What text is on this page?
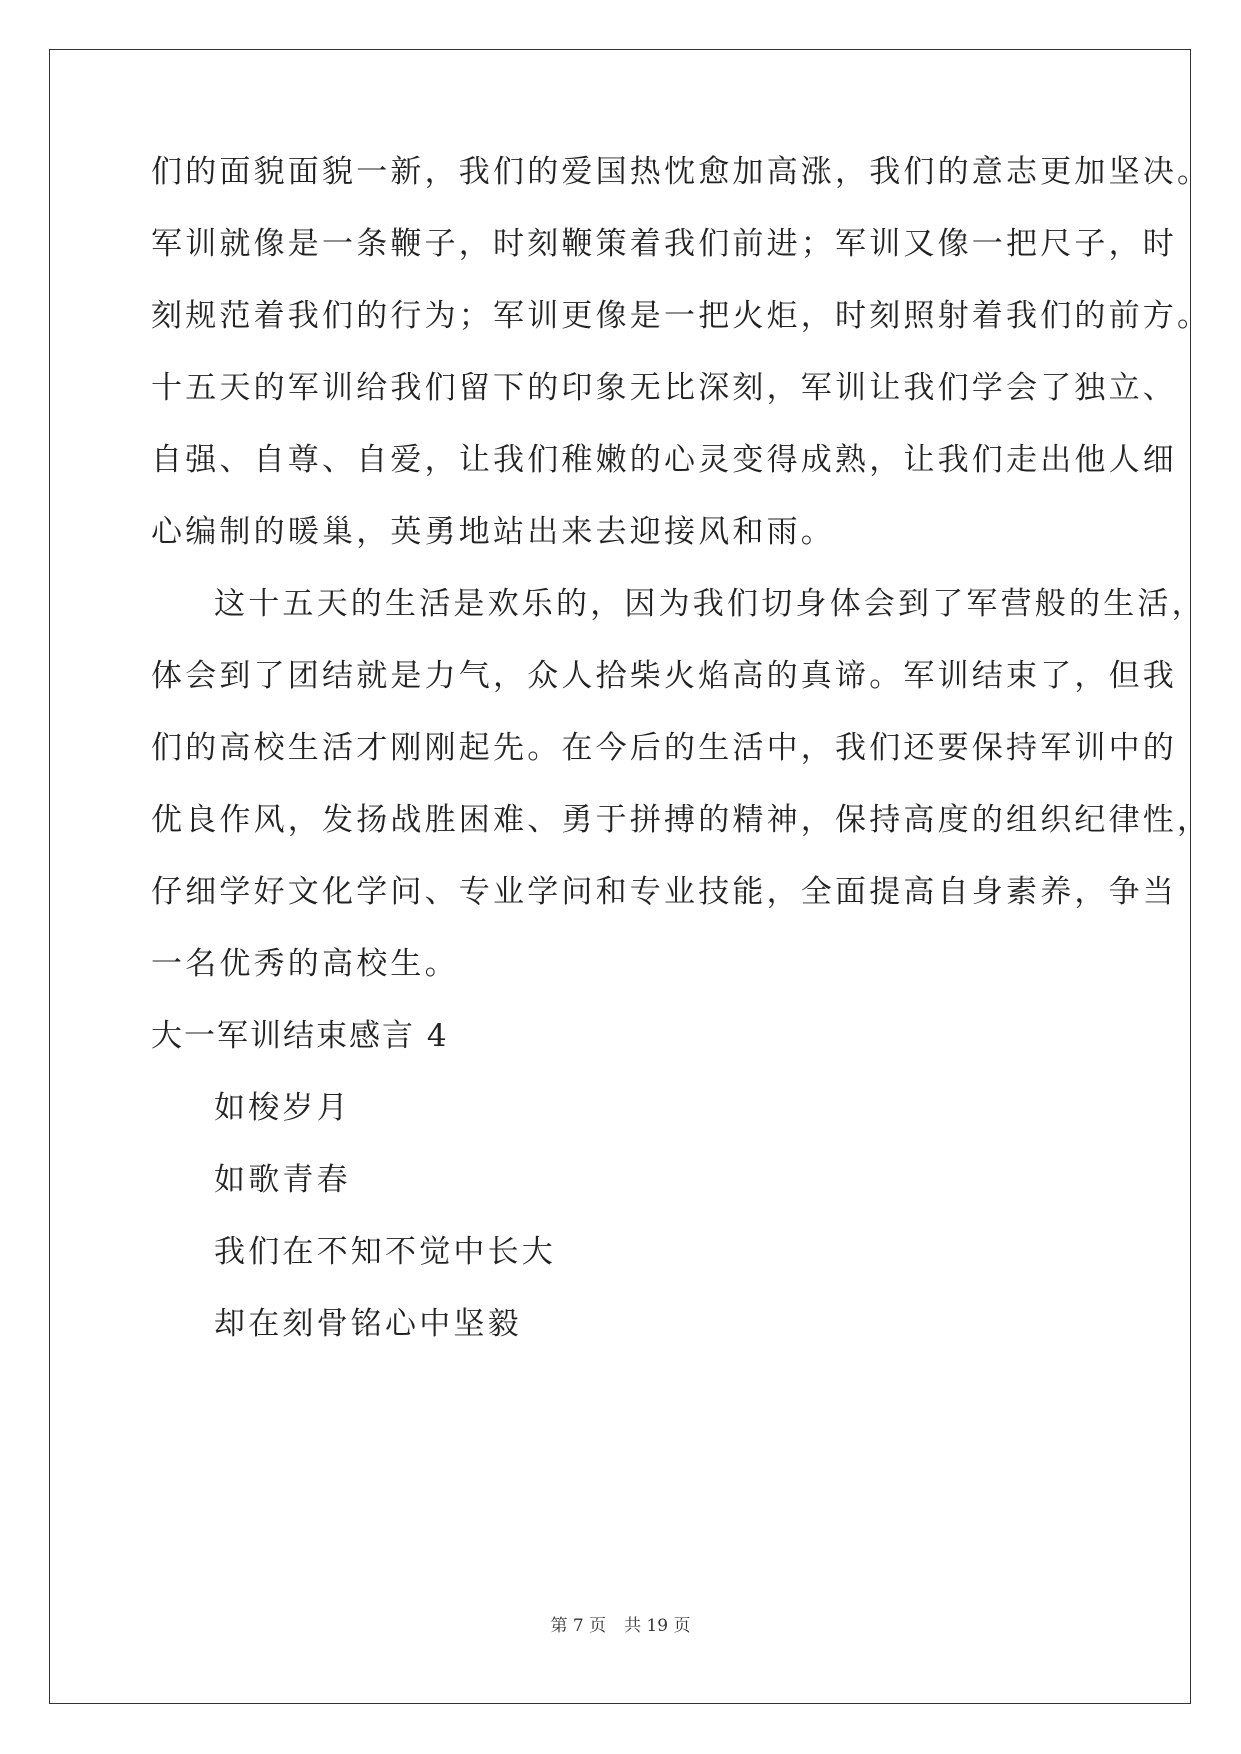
们的面貌面貌一新，我们的爱国热忱愈加高涨，我们的意志更加坚决。
军训就像是一条鞭子，时刻鞭策着我们前进；军训又像一把尺子，时
刻规范着我们的行为；军训更像是一把火炬，时刻照射着我们的前方。
十五天的军训给我们留下的印象无比深刻，军训让我们学会了独立、
自强、自尊、自爱，让我们稚嫩的心灵变得成熟，让我们走出他人细
心编制的暖巢，英勇地站出来去迎接风和雨。
这十五天的生活是欢乐的，因为我们切身体会到了军营般的生活，
体会到了团结就是力气，众人拾柴火焰高的真谛。军训结束了，但我
们的高校生活才刚刚起先。在今后的生活中，我们还要保持军训中的
优良作风，发扬战胜困难、勇于拼搏的精神，保持高度的组织纪律性，
仔细学好文化学问、专业学问和专业技能，全面提高自身素养，争当
一名优秀的高校生。
大一军训结束感言 4
如梭岁月
如歌青春
我们在不知不觉中长大
却在刻骨铭心中坚毅
第 7 页 共 19 页
